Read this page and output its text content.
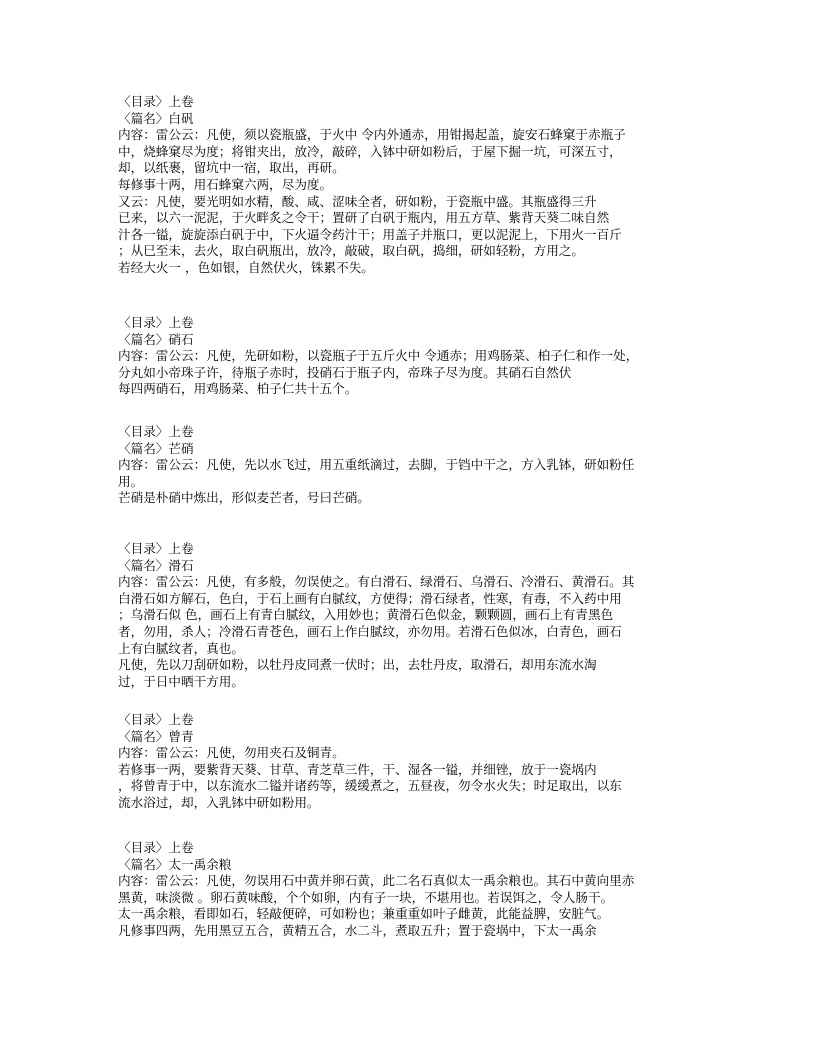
〈目录〉上卷
〈篇名〉白矾
内容：雷公云：凡使，须以瓷瓶盛，于火中 令内外通赤，用钳揭起盖，旋安石蜂窠于赤瓶子
中，烧蜂窠尽为度；将钳夹出，放冷，敲碎，入钵中研如粉后，于屋下掘一坑，可深五寸，
却，以纸裹，留坑中一宿，取出，再研。
每修事十两，用石蜂窠六两，尽为度。
又云：凡使，要光明如水精，酸、咸、涩味全者，研如粉，于瓷瓶中盛。其瓶盛得三升
已来，以六一泥泥，于火畔炙之令干；置研了白矾于瓶内，用五方草、紫背天葵二味自然
汁各一镒，旋旋添白矾于中，下火逼令药汁干；用盖子并瓶口，更以泥泥上，下用火一百斤
；从巳至未，去火，取白矾瓶出，放冷，敲破，取白矾，捣细，研如轻粉，方用之。
若经大火一 ，色如银，自然伏火，铢累不失。
〈目录〉上卷
〈篇名〉硝石
内容：雷公云：凡使，先研如粉，以瓷瓶子于五斤火中 令通赤；用鸡肠菜、柏子仁和作一处，
分丸如小帝珠子许，待瓶子赤时，投硝石于瓶子内，帝珠子尽为度。其硝石自然伏
每四两硝石，用鸡肠菜、柏子仁共十五个。
〈目录〉上卷
〈篇名〉芒硝
内容：雷公云：凡使，先以水飞过，用五重纸滴过，去脚，于铛中干之，方入乳钵，研如粉任
用。
芒硝是朴硝中炼出，形似麦芒者，号曰芒硝。
〈目录〉上卷
〈篇名〉滑石
内容：雷公云：凡使，有多般，勿误使之。有白滑石、绿滑石、乌滑石、冷滑石、黄滑石。其
白滑石如方解石，色白，于石上画有白腻纹，方使得；滑石绿者，性寒，有毒，不入药中用
；乌滑石似 色，画石上有青白腻纹，入用妙也；黄滑石色似金，颗颗圆，画石上有青黑色
者，勿用，杀人；冷滑石青苍色，画石上作白腻纹，亦勿用。若滑石色似冰，白青色，画石
上有白腻纹者，真也。
凡使，先以刀刮研如粉，以牡丹皮同煮一伏时；出，去牡丹皮，取滑石，却用东流水淘
过，于日中晒干方用。
〈目录〉上卷
〈篇名〉曾青
内容：雷公云：凡使，勿用夹石及铜青。
若修事一两，要紫背天葵、甘草、青芝草三件，干、湿各一镒，并细锉，放于一瓷埚内
，将曾青于中，以东流水二镒并诸药等，缓缓煮之，五昼夜，勿令水火失；时足取出，以东
流水浴过，却，入乳钵中研如粉用。
〈目录〉上卷
〈篇名〉太一禹余粮
内容：雷公云：凡使，勿误用石中黄并卵石黄，此二名石真似太一禹余粮也。其石中黄向里赤
黑黄，味淡微 。卵石黄味酸，个个如卵，内有子一块，不堪用也。若误饵之，令人肠干。
太一禹余粮，看即如石，轻敲便碎，可如粉也；兼重重如叶子雌黄，此能益脾，安脏气。
凡修事四两，先用黑豆五合，黄精五合，水二斗，煮取五升；置于瓷埚中，下太一禹余
